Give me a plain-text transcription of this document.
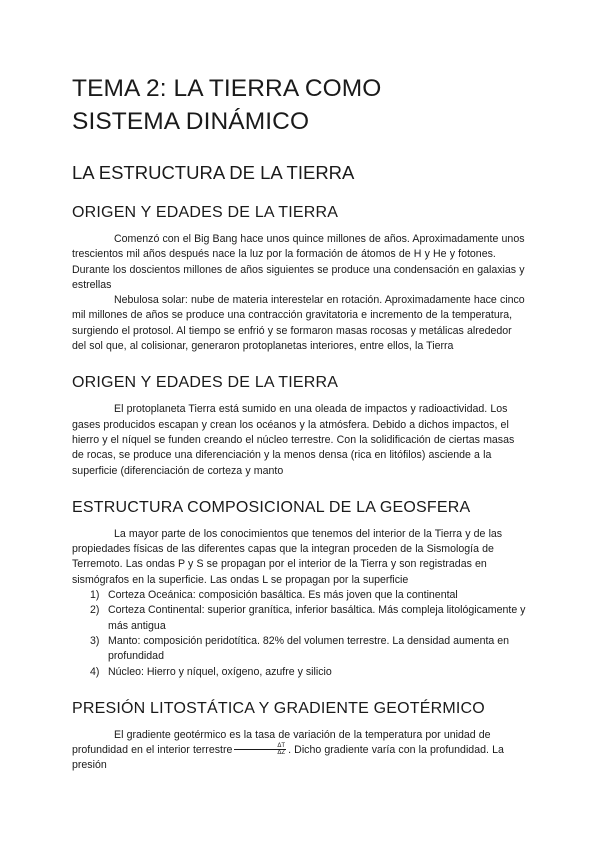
TEMA 2: LA TIERRA COMO
SISTEMA DINÁMICO
LA ESTRUCTURA DE LA TIERRA
ORIGEN Y EDADES DE LA TIERRA

Comenzó con el Big Bang hace unos quince millones de años. Aproximadamente unos trescientos mil años después nace la luz por la formación de átomos de H y He y fotones. Durante los doscientos millones de años siguientes se produce una condensación en galaxias y estrellas

Nebulosa solar: nube de materia interestelar en rotación. Aproximadamente hace cinco mil millones de años se produce una contracción gravitatoria e incremento de la temperatura, surgiendo el protosol. Al tiempo se enfrió y se formaron masas rocosas y metálicas alrededor del sol que, al colisionar, generaron protoplanetas interiores, entre ellos, la Tierra

ORIGEN Y EDADES DE LA TIERRA

El protoplaneta Tierra está sumido en una oleada de impactos y radioactividad. Los gases producidos escapan y crean los océanos y la atmósfera. Debido a dichos impactos, el hierro y el níquel se funden creando el núcleo terrestre. Con la solidificación de ciertas masas de rocas, se produce una diferenciación y la menos densa (rica en litófilos) asciende a la superficie (diferenciación de corteza y manto

ESTRUCTURA COMPOSICIONAL DE LA GEOSFERA

La mayor parte de los conocimientos que tenemos del interior de la Tierra y de las propiedades físicas de las diferentes capas que la integran proceden de la Sismología de Terremoto. Las ondas P y S se propagan por el interior de la Tierra y son registradas en sismógrafos en la superficie. Las ondas L se propagan por la superficie

1) Corteza Oceánica: composición basáltica. Es más joven que la continental
2) Corteza Continental: superior granítica, inferior basáltica. Más compleja litológicamente y más antigua
3) Manto: composición peridotítica. 82% del volumen terrestre. La densidad aumenta en profundidad
4) Núcleo: Hierro y níquel, oxígeno, azufre y silicio
PRESIÓN LITOSTÁTICA Y GRADIENTE GEOTÉRMICO

El gradiente geotérmico es la tasa de variación de la temperatura por unidad de profundidad en el interior terrestre $\frac{\Delta T}{\Delta Z}$ . Dicho gradiente varía con la profundidad. La presión
